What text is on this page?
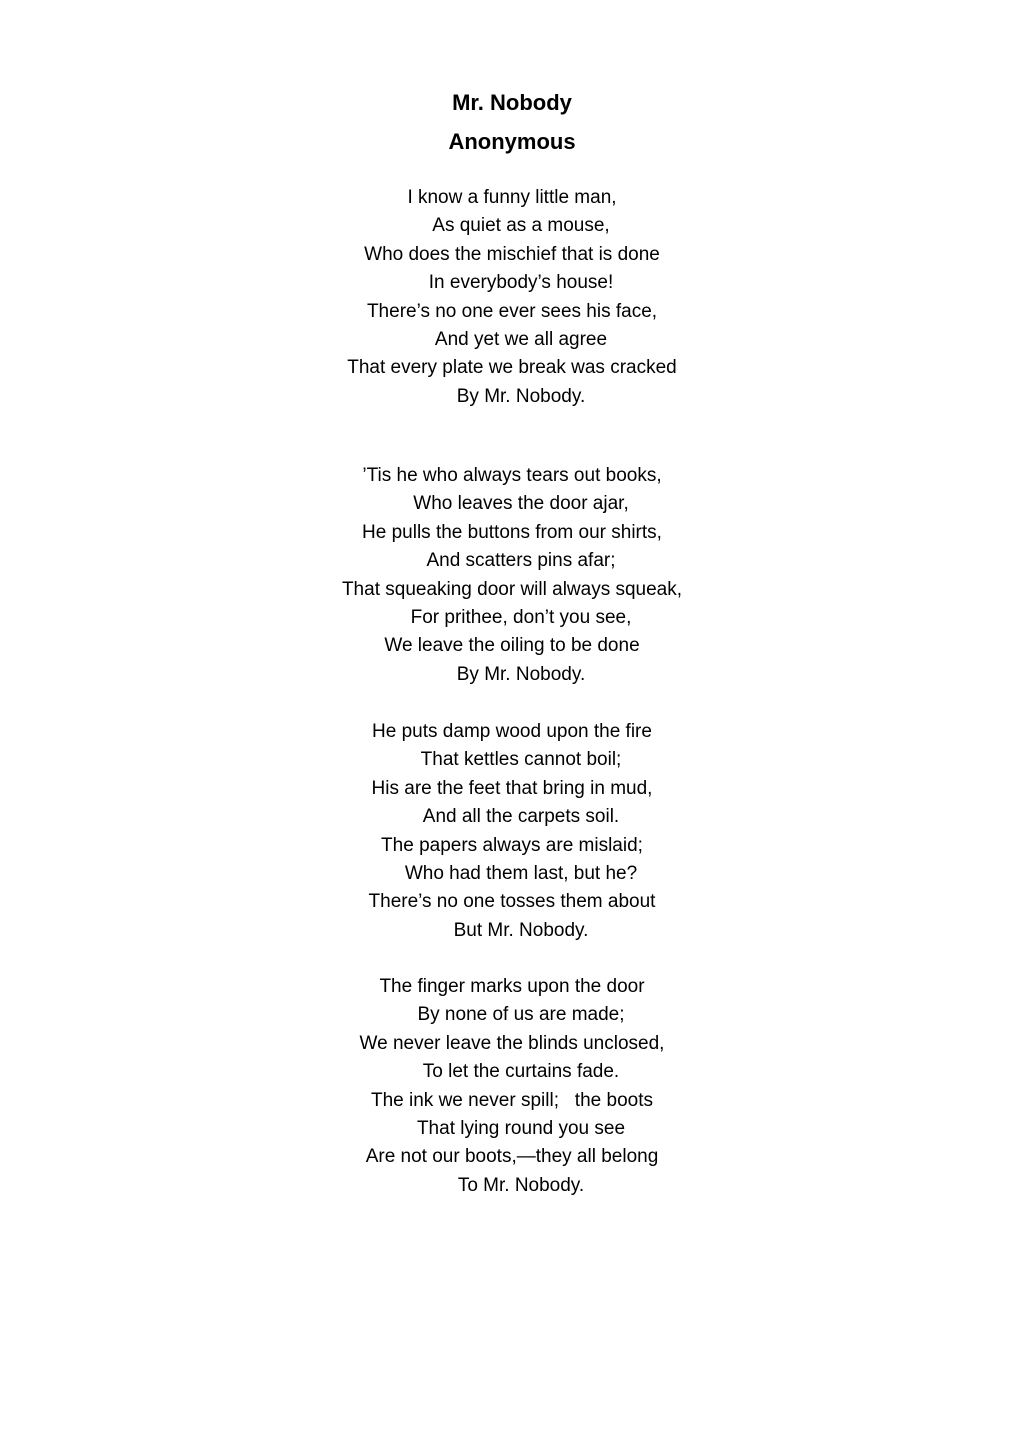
Mr. Nobody
Anonymous
I know a funny little man,
As quiet as a mouse,
Who does the mischief that is done
In everybody’s house!
There’s no one ever sees his face,
And yet we all agree
That every plate we break was cracked
By Mr. Nobody.
’Tis he who always tears out books,
Who leaves the door ajar,
He pulls the buttons from our shirts,
And scatters pins afar;
That squeaking door will always squeak,
For prithee, don’t you see,
We leave the oiling to be done
By Mr. Nobody.
He puts damp wood upon the fire
That kettles cannot boil;
His are the feet that bring in mud,
And all the carpets soil.
The papers always are mislaid;
Who had them last, but he?
There’s no one tosses them about
But Mr. Nobody.
The finger marks upon the door
By none of us are made;
We never leave the blinds unclosed,
To let the curtains fade.
The ink we never spill;   the boots
That lying round you see
Are not our boots,—they all belong
To Mr. Nobody.
